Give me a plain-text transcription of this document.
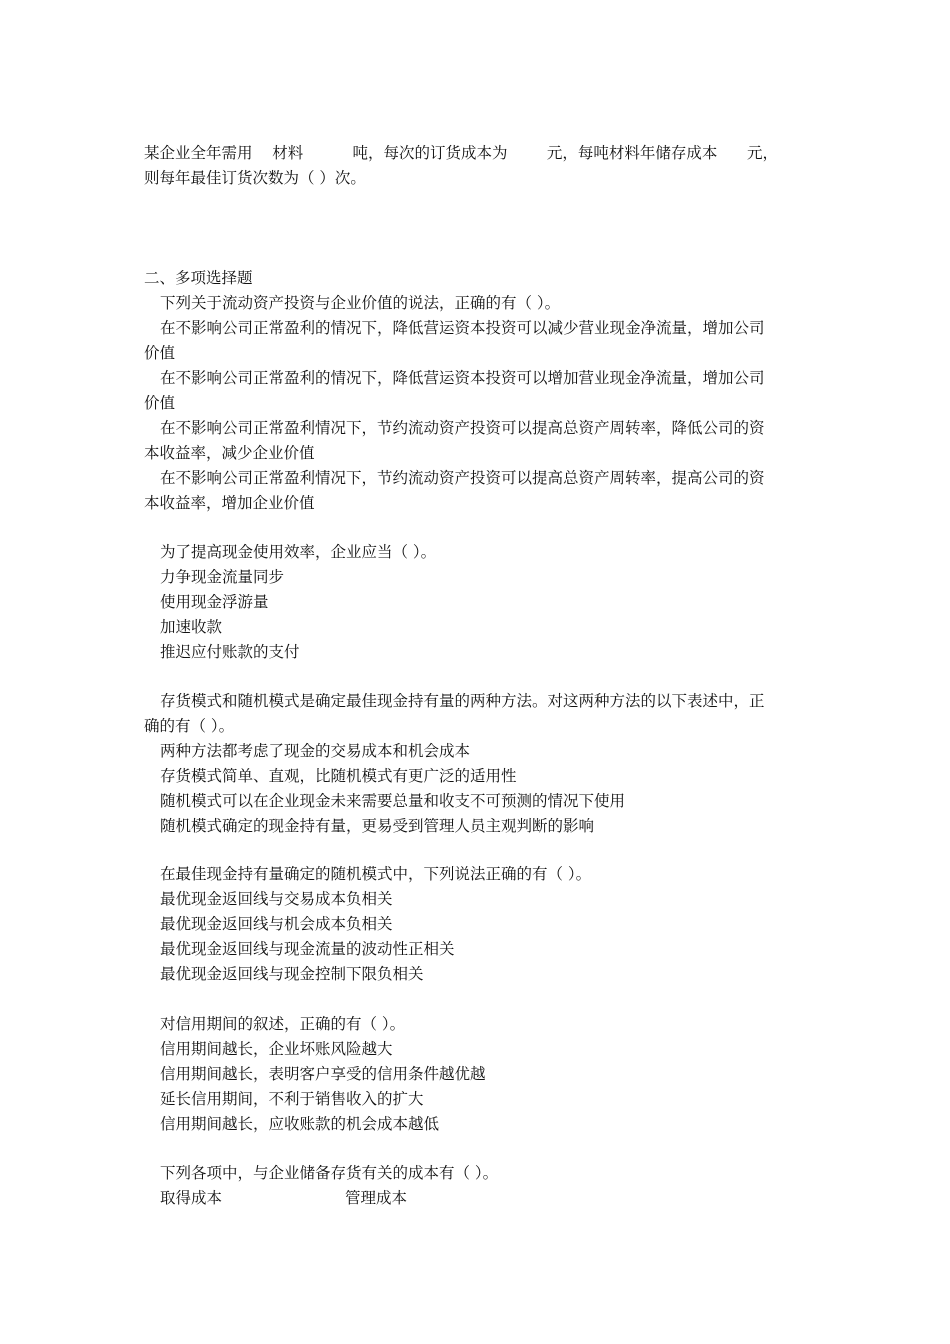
某企业全年需用    材料          吨，每次的订货成本为        元，每吨材料年储存成本      元，
则每年最佳订货次数为（ ）次。
二、多项选择题
下列关于流动资产投资与企业价值的说法，正确的有（ ）。
在不影响公司正常盈利的情况下，降低营运资本投资可以减少营业现金净流量，增加公司
价值
在不影响公司正常盈利的情况下，降低营运资本投资可以增加营业现金净流量，增加公司
价值
在不影响公司正常盈利情况下，节约流动资产投资可以提高总资产周转率，降低公司的资
本收益率，减少企业价值
在不影响公司正常盈利情况下，节约流动资产投资可以提高总资产周转率，提高公司的资
本收益率，增加企业价值
为了提高现金使用效率，企业应当（ ）。
力争现金流量同步
使用现金浮游量
加速收款
推迟应付账款的支付
存货模式和随机模式是确定最佳现金持有量的两种方法。对这两种方法的以下表述中，正
确的有（ ）。
两种方法都考虑了现金的交易成本和机会成本
存货模式简单、直观，比随机模式有更广泛的适用性
随机模式可以在企业现金未来需要总量和收支不可预测的情况下使用
随机模式确定的现金持有量，更易受到管理人员主观判断的影响
在最佳现金持有量确定的随机模式中，下列说法正确的有（ ）。
最优现金返回线与交易成本负相关
最优现金返回线与机会成本负相关
最优现金返回线与现金流量的波动性正相关
最优现金返回线与现金控制下限负相关
对信用期间的叙述，正确的有（ ）。
信用期间越长，企业坏账风险越大
信用期间越长，表明客户享受的信用条件越优越
延长信用期间，不利于销售收入的扩大
信用期间越长，应收账款的机会成本越低
下列各项中，与企业储备存货有关的成本有（ ）。
取得成本	管理成本
